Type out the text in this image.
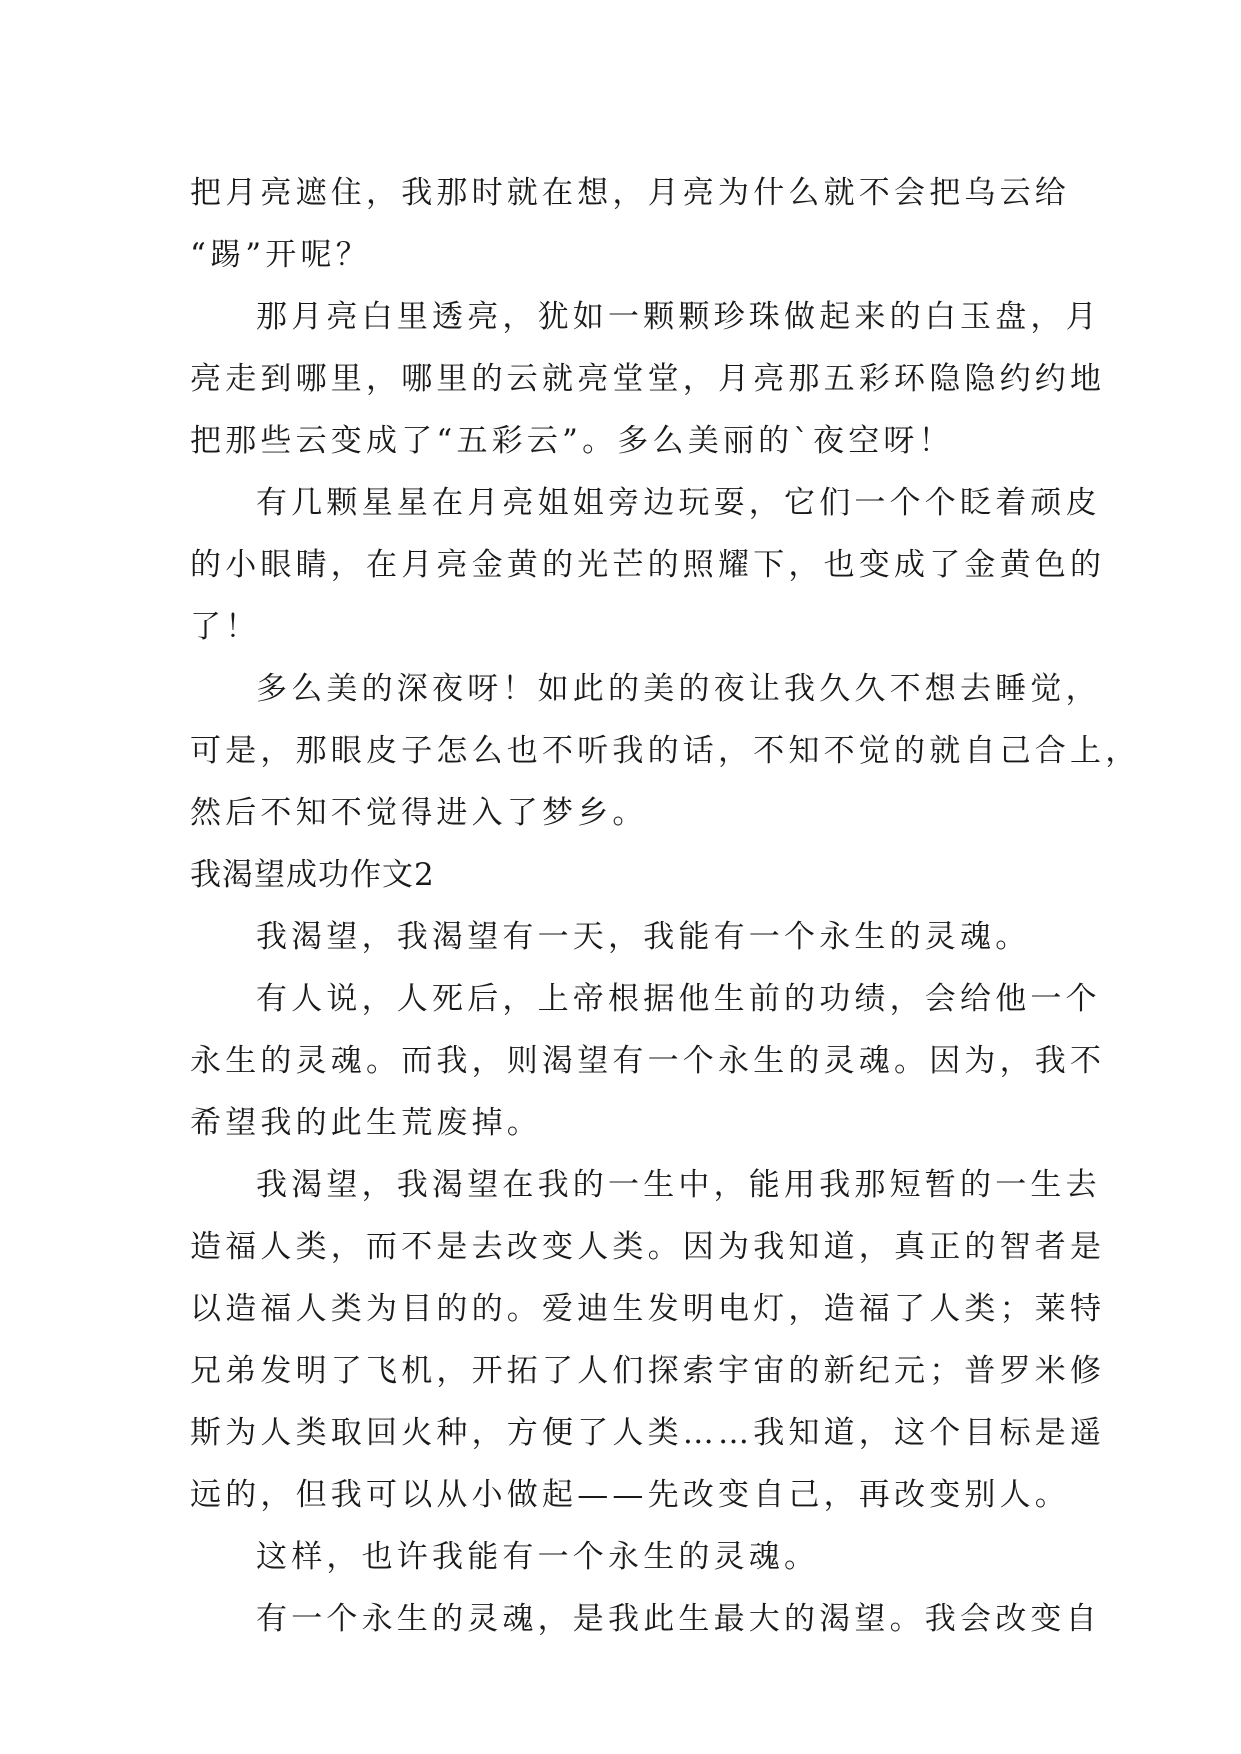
把月亮遮住，我那时就在想，月亮为什么就不会把乌云给
“踢”开呢？
那月亮白里透亮，犹如一颗颗珍珠做起来的白玉盘，月
亮走到哪里，哪里的云就亮堂堂，月亮那五彩环隐隐约约地
把那些云变成了“五彩云”。多么美丽的`夜空呀！
有几颗星星在月亮姐姐旁边玩耍，它们一个个眨着顽皮
的小眼睛，在月亮金黄的光芒的照耀下，也变成了金黄色的
了！
多么美的深夜呀！如此的美的夜让我久久不想去睡觉，
可是，那眼皮子怎么也不听我的话，不知不觉的就自己合上，
然后不知不觉得进入了梦乡。
我渴望成功作文2
我渴望，我渴望有一天，我能有一个永生的灵魂。
有人说，人死后，上帝根据他生前的功绩，会给他一个
永生的灵魂。而我，则渴望有一个永生的灵魂。因为，我不
希望我的此生荒废掉。
我渴望，我渴望在我的一生中，能用我那短暂的一生去
造福人类，而不是去改变人类。因为我知道，真正的智者是
以造福人类为目的的。爱迪生发明电灯，造福了人类；莱特
兄弟发明了飞机，开拓了人们探索宇宙的新纪元；普罗米修
斯为人类取回火种，方便了人类……我知道，这个目标是遥
远的，但我可以从小做起——先改变自己，再改变别人。
这样，也许我能有一个永生的灵魂。
有一个永生的灵魂，是我此生最大的渴望。我会改变自
